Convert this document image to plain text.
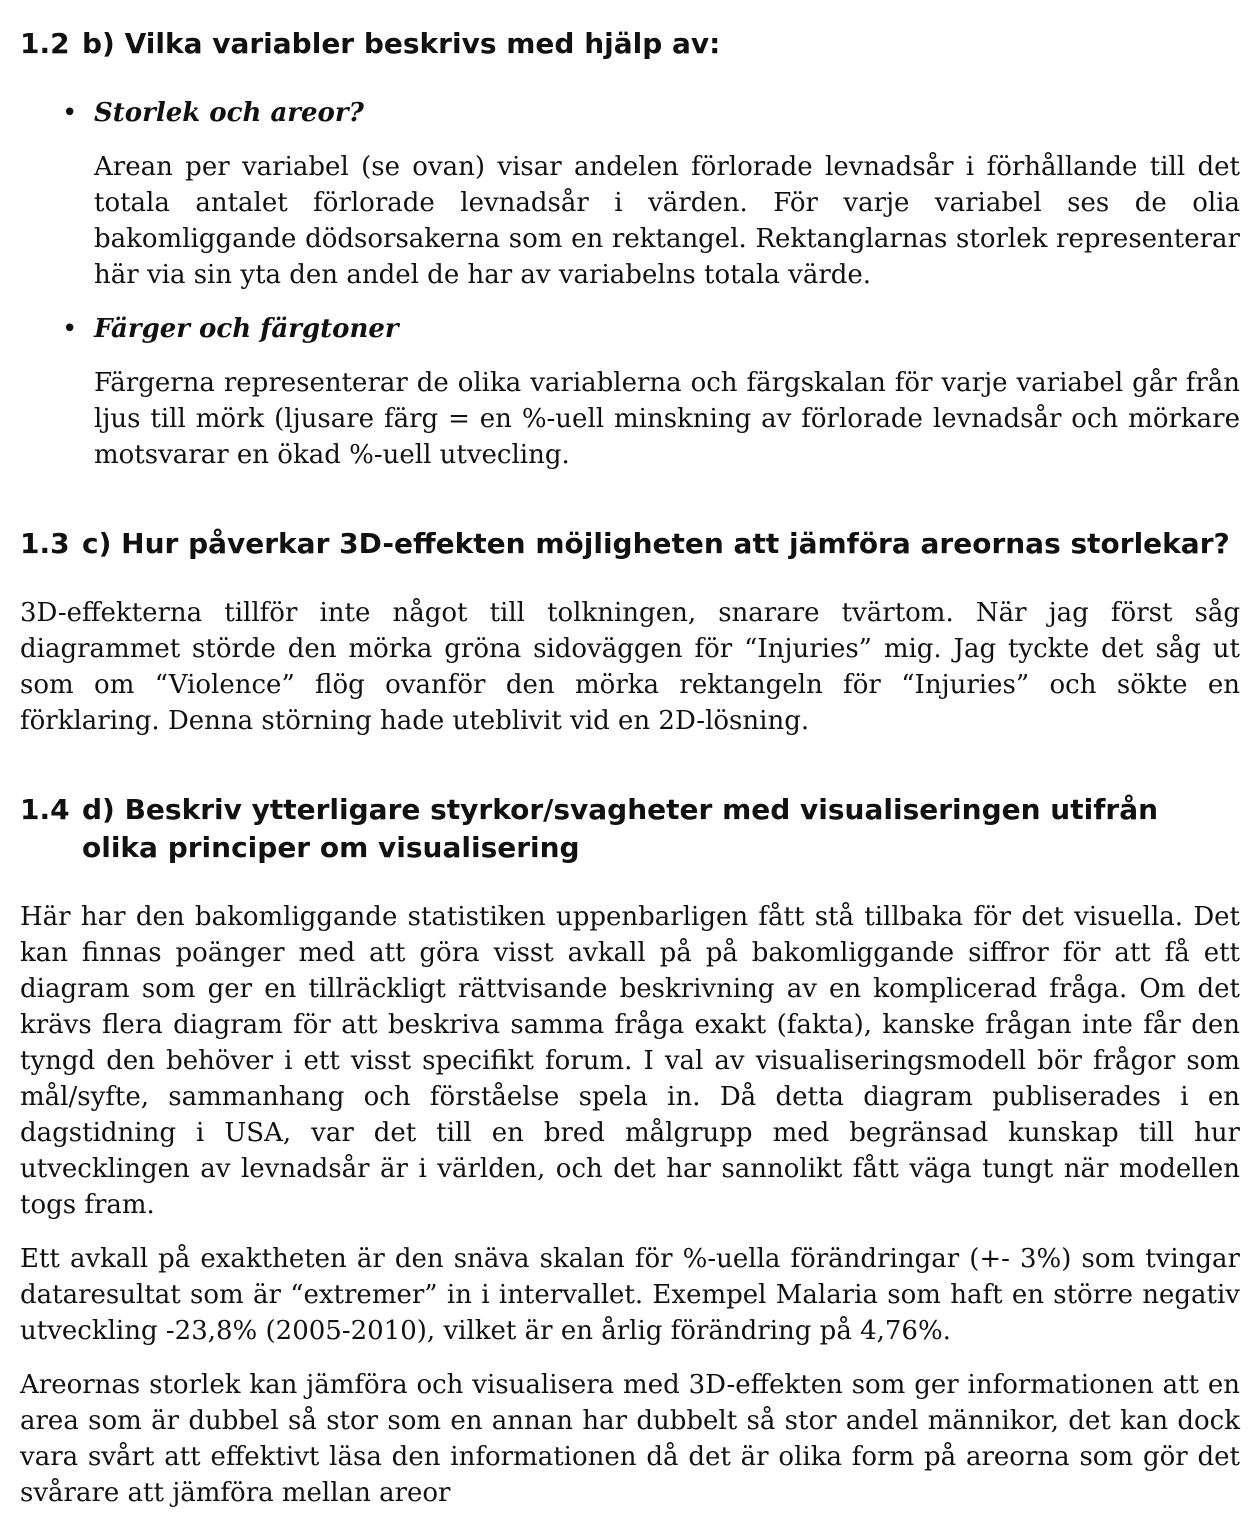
1.2 b) Vilka variabler beskrivs med hjälp av:
• Storlek och areor?

Arean per variabel (se ovan) visar andelen förlorade levnadsår i förhållande till det totala antalet förlorade levnadsår i värden. För varje variabel ses de olia bakomliggande dödsorsakerna som en rektangel. Rektanglarnas storlek representerar här via sin yta den andel de har av variabelns totala värde.

• Färger och färgtoner

Färgerna representerar de olika variablerna och färgskalan för varje variabel går från ljus till mörk (ljusare färg = en %-uell minskning av förlorade levnadsår och mörkare motsvarar en ökad %-uell utvecling.

1.3 c) Hur påverkar 3D-effekten möjligheten att jämföra areornas storlekar?

3D-effekterna tillför inte något till tolkningen, snarare tvärtom. När jag först såg diagrammet störde den mörka gröna sidoväggen för “Injuries” mig. Jag tyckte det såg ut som om “Violence” flög ovanför den mörka rektangeln för “Injuries” och sökte en förklaring. Denna störning hade uteblivit vid en 2D-lösning.

1.4 d) Beskriv ytterligare styrkor/svagheter med visualiseringen utifrån olika principer om visualisering

Här har den bakomliggande statistiken uppenbarligen fått stå tillbaka för det visuella. Det kan finnas poänger med att göra visst avkall på på bakomliggande siffror för att få ett diagram som ger en tillräckligt rättvisande beskrivning av en komplicerad fråga. Om det krävs flera diagram för att beskriva samma fråga exakt (fakta), kanske frågan inte får den tyngd den behöver i ett visst specifikt forum. I val av visualiseringsmodell bör frågor som mål/syfte, sammanhang och förståelse spela in. Då detta diagram publiserades i en dagstidning i USA, var det till en bred målgrupp med begränsad kunskap till hur utvecklingen av levnadsår är i världen, och det har sannolikt fått väga tungt när modellen togs fram.

Ett avkall på exaktheten är den snäva skalan för %-uella förändringar (+- 3%) som tvingar dataresultat som är “extremer” in i intervallet. Exempel Malaria som haft en större negativ utveckling -23,8% (2005-2010), vilket är en årlig förändring på 4,76%.

Areornas storlek kan jämföra och visualisera med 3D-effekten som ger informationen att en area som är dubbel så stor som en annan har dubbelt så stor andel männikor, det kan dock vara svårt att effektivt läsa den informationen då det är olika form på areorna som gör det svårare att jämföra mellan areor
